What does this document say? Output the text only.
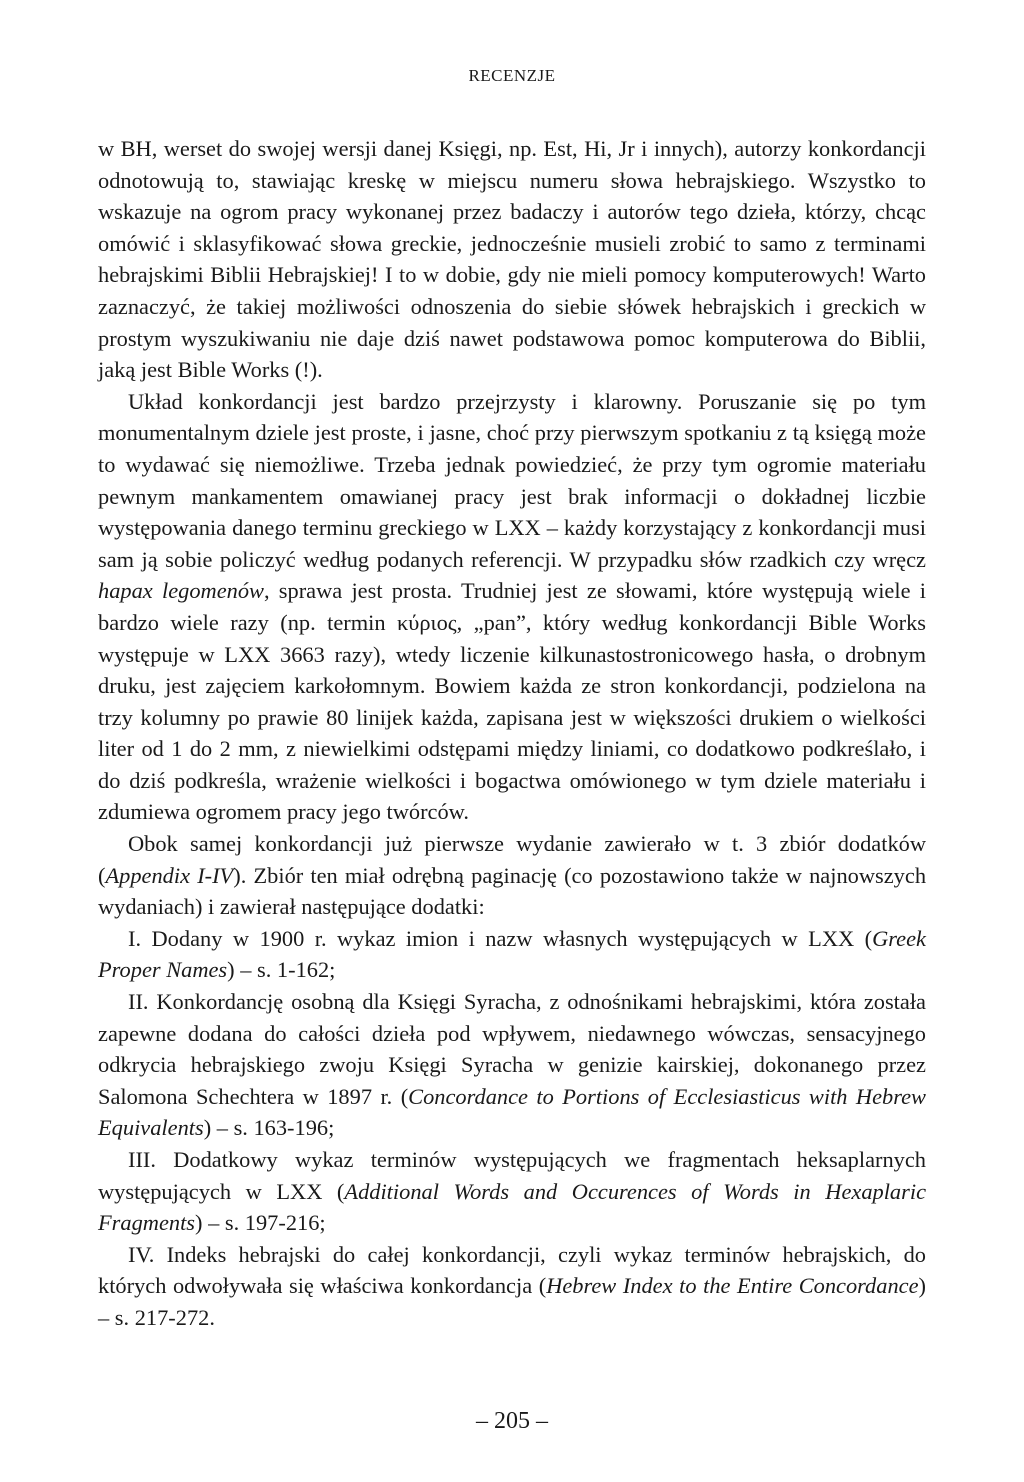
RECENZJE

w BH, werset do swojej wersji danej Księgi, np. Est, Hi, Jr i innych), autorzy konkordancji odnotowują to, stawiając kreskę w miejscu numeru słowa hebrajskiego. Wszystko to wskazuje na ogrom pracy wykonanej przez badaczy i autorów tego dzieła, którzy, chcąc omówić i sklasyfikować słowa greckie, jednocześnie musieli zrobić to samo z terminami hebrajskimi Biblii Hebrajskiej! I to w dobie, gdy nie mieli pomocy komputerowych! Warto zaznaczyć, że takiej możliwości odnoszenia do siebie słówek hebrajskich i greckich w prostym wyszukiwaniu nie daje dziś nawet podstawowa pomoc komputerowa do Biblii, jaką jest Bible Works (!).

Układ konkordancji jest bardzo przejrzysty i klarowny. Poruszanie się po tym monumentalnym dziele jest proste, i jasne, choć przy pierwszym spotkaniu z tą księgą może to wydawać się niemożliwe. Trzeba jednak powiedzieć, że przy tym ogromie materiału pewnym mankamentem omawianej pracy jest brak informacji o dokładnej liczbie występowania danego terminu greckiego w LXX – każdy korzystający z konkordancji musi sam ją sobie policzyć według podanych referencji. W przypadku słów rzadkich czy wręcz hapax legomenów, sprawa jest prosta. Trudniej jest ze słowami, które występują wiele i bardzo wiele razy (np. termin κύριος, „pan”, który według konkordancji Bible Works występuje w LXX 3663 razy), wtedy liczenie kilkunastostronicowego hasła, o drobnym druku, jest zajęciem karkołomnym. Bowiem każda ze stron konkordancji, podzielona na trzy kolumny po prawie 80 linijek każda, zapisana jest w większości drukiem o wielkości liter od 1 do 2 mm, z niewielkimi odstępami między liniami, co dodatkowo podkreślało, i do dziś podkreśla, wrażenie wielkości i bogactwa omówionego w tym dziele materiału i zdumiewa ogromem pracy jego twórców.

Obok samej konkordancji już pierwsze wydanie zawierało w t. 3 zbiór dodatków (Appendix I-IV). Zbiór ten miał odrębną paginację (co pozostawiono także w najnowszych wydaniach) i zawierał następujące dodatki:

I. Dodany w 1900 r. wykaz imion i nazw własnych występujących w LXX (Greek Proper Names) – s. 1-162;

II. Konkordancję osobną dla Księgi Syracha, z odnośnikami hebrajskimi, która została zapewne dodana do całości dzieła pod wpływem, niedawnego wówczas, sensacyjnego odkrycia hebrajskiego zwoju Księgi Syracha w genizie kairskiej, dokonanego przez Salomona Schechtera w 1897 r. (Concordance to Portions of Ecclesiasticus with Hebrew Equivalents) – s. 163-196;

III. Dodatkowy wykaz terminów występujących we fragmentach heksaplarnych występujących w LXX (Additional Words and Occurences of Words in Hexaplaric Fragments) – s. 197-216;

IV. Indeks hebrajski do całej konkordancji, czyli wykaz terminów hebrajskich, do których odwoływała się właściwa konkordancja (Hebrew Index to the Entire Concordance) – s. 217-272.

– 205 –
